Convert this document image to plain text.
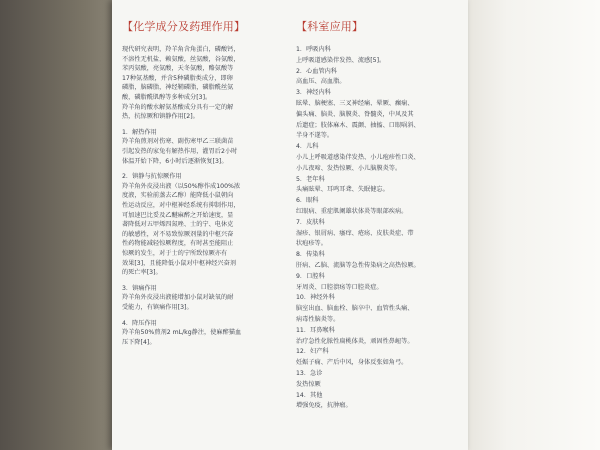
【化学成分及药理作用】
现代研究表明，羚羊角含角蛋白，磷酸钙，
不溶性无机盐，赖氨酸，丝氨酸，谷氨酸，
苯丙氨酸，亮氨酸，天冬氨酸，酪氨酸等
17种氨基酸，并含5种磷脂类成分，即卵
磷脂，脑磷脂，神经鞘磷脂，磷脂酰丝氨
酸，磷脂酰肌醇等多种成分[3]。
羚羊角的酸水解氨基酸成分具有一定的解
热，抗惊厥和镇静作用[2]。
1．解热作用
羚羊角煎剂对伤寒、副伤寒甲乙三联菌苗
引起发热的家兔有解热作用，灌胃后2小时
体温开始下降，6小时后逐渐恢复[3]。
2．镇静与抗惊厥作用
羚羊角外皮浸出液（以50%醇作成100%浓
度液，实验前蒸去乙醇）能降低小鼠朝向
性运动反应，对中枢神经系统有抑制作用，
可加速巴比妥及乙醚麻醉之开始速度，显
著降低对五甲烯四氮唑、士的宁、电休克
的敏感性，对不易致惊厥剂量的中枢兴奋
性药物能减轻惊厥程度，有时甚至能阻止
惊厥的发生，对于士的宁所致惊厥亦有
效果[3]，且能降低小鼠对中枢神经兴奋剂
的死亡率[3]。
3．镇痛作用
羚羊角外皮浸出液能增加小鼠对缺氧的耐
受能力，有镇痛作用[3]。
4．降压作用
羚羊角50%煎剂2 mL/kg静注，使麻醉猫血
压下降[4]。
【科室应用】
1．呼吸内科
上呼吸道感染伴发热、流感[5]。
2．心血管内科
高血压、高血脂。
3．神经内科
眩晕、脑梗塞、三叉神经痛、晕厥、癫痫、
偏头痛、脑炎、脑膜炎、脊髓炎，中风及其
后遗症；肢体麻木、震颤、抽搐、口眼㖞斜、
半身不遂等。
4．儿科
小儿上呼吸道感染伴发热、小儿疱疹性口炎、
小儿夜啼、发热惊厥、小儿脑膜炎等。
5．老年科
头痛眩晕、耳鸣耳聋、失眠健忘。
6．眼科
红眼病、重症肌阑雄状体炎等眼部疾病。
7．皮肤科
湿疹、银屑病、瘙痒、疮疡、皮肤炎症、带
状疱疹等。
8．传染科
肝病、乙脑、流脑等急性传染病之高热惊厥。
9．口腔科
牙周炎、口腔溃疡等口腔炎症。
10．神经外科
脑室出血、脑血栓、脑卒中、血管性头痛、
病毒性脑炎等。
11．耳鼻喉科
治疗急性化脓性扁桃体炎，顽固性鼻衄等。
12．妇产科
妊娠子痫、产后中风，身体反张如角弓。
13．急诊
发热惊厥
14．其他
增强免疫，抗肿瘤。
